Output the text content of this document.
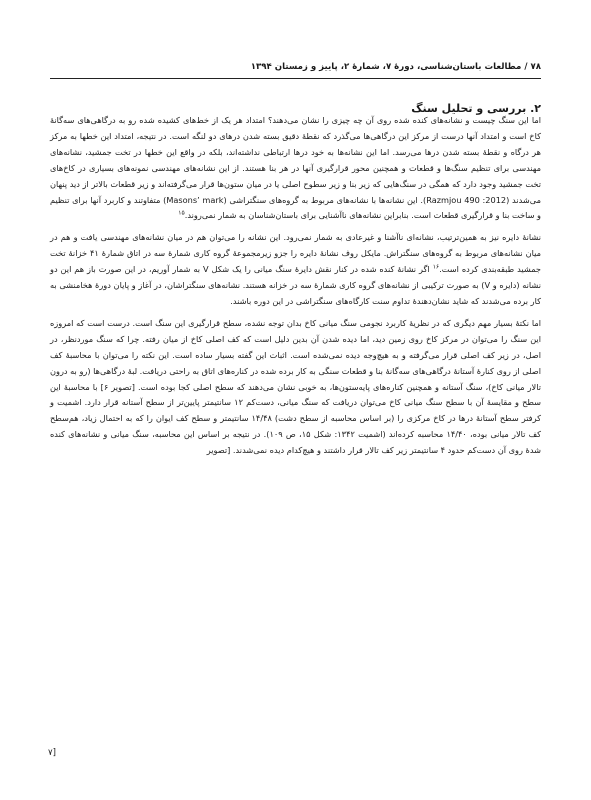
۷۸ / مطالعات باستان‌شناسی، دورهٔ ۷، شمارهٔ ۲، پاییز و زمستان ۱۳۹۴
۲. بررسی و تحلیل سنگ

اما این سنگ چیست و نشانه‌های کنده شده روی آن چه چیزی را نشان می‌دهند؟ امتداد هر یک از خط‌های کشیده شده رو به درگاهی‌های سه‌گانهٔ کاخ است و امتداد آنها درست از مرکز این درگاهی‌ها می‌گذرد که نقطهٔ دقیق بسته شدن درهای دو لنگه است. در نتیجه، امتداد این خطها به مرکز هر درگاه و نقطهٔ بسته شدن درها می‌رسد. اما این نشانه‌ها به خود درها ارتباطی نداشته‌اند، بلکه در واقع این خطها در تخت جمشید، نشانه‌های مهندسی برای تنظیم سنگ‌ها و قطعات و همچنین محور قرارگیری آنها در هر بنا هستند. از این نشانه‌های مهندسی نمونه‌های بسیاری در کاخ‌های تخت جمشید وجود دارد که همگی در سنگ‌هایی که زیر بنا و زیر سطوح اصلی یا در میان ستون‌ها قرار می‌گرفته‌اند و زیر قطعات بالاتر از دید پنهان می‌شدند (Razmjou 490 :2012). این نشانه‌ها با نشانه‌های مربوط به گروه‌های سنگتراشی (Masons’ mark) متفاوتند و کاربرد آنها برای تنظیم و ساخت بنا و قرارگیری قطعات است. بنابراین نشانه‌های ناآشنایی برای باستان‌شناسان به شمار نمی‌روند.$^{۱۵}$

نشانهٔ دایره نیز به همین‌ترتیب، نشانه‌ای ناآشنا و غیرعادی به شمار نمی‌رود. این نشانه را می‌توان هم در میان نشانه‌های مهندسی یافت و هم در میان نشانه‌های مربوط به گروه‌های سنگتراش. مایکل روف نشانهٔ دایره را جزو زیرمجموعهٔ گروه کاری شمارهٔ سه در اتاق شمارهٔ ۴۱ خزانهٔ تخت جمشید طبقه‌بندی کرده است.$^{۱۶}$ اگر نشانهٔ کنده شده در کنار نقش دایرهٔ سنگ میانی را یک شکل V به شمار آوریم، در این صورت باز هم این دو نشانه (دایره و V) به صورت ترکیبی از نشانه‌های گروه کاری شمارهٔ سه در خزانه هستند. نشانه‌های سنگتراشان، در آغاز و پایان دورهٔ هخامنشی به کار برده می‌شدند که شاید نشان‌دهندهٔ تداوم سنت کارگاه‌های سنگتراشی در این دوره باشند.

اما نکتهٔ بسیار مهم دیگری که در نظریهٔ کاربرد نجومی سنگ میانی کاخ بدان توجه نشده، سطح قرارگیری این سنگ است. درست است که امروزه این سنگ را می‌توان در مرکز کاخ روی زمین دید، اما دیده شدن آن بدین دلیل است که کف اصلی کاخ از میان رفته. چرا که سنگ موردنظر، در اصل، در زیر کف اصلی قرار می‌گرفته و به هیچ‌وجه دیده نمی‌شده است. اثبات این گفته بسیار ساده است. این نکته را می‌توان با محاسبهٔ کف اصلی از روی کنارهٔ آستانهٔ درگاهی‌های سه‌گانهٔ بنا و قطعات سنگی به کار برده شده در کناره‌های اتاق به راحتی دریافت. لبهٔ درگاهی‌ها (رو به درون تالار میانی کاخ)، سنگ آستانه و همچنین کناره‌های پایه‌ستون‌ها، به خوبی نشان می‌دهند که سطح اصلی کجا بوده است. [تصویر ۶] با محاسبهٔ این سطح و مقایسهٔ آن با سطح سنگ میانی کاخ می‌توان دریافت که سنگ میانی، دست‌کم ۱۲ سانتیمتر پایین‌تر از سطح آستانه قرار دارد. اشمیت و کرفتر سطح آستانهٔ درها در کاخ مرکزی را (بر اساس محاسبه از سطح دشت) ۱۴/۴۸ سانتیمتر و سطح کف ایوان را که به احتمال زیاد، هم‌سطح کف تالار میانی بوده، ۱۴/۴۰ محاسبه کرده‌اند (اشمیت ۱۳۴۲: شکل ۱۵، ص ۱۰۹). در نتیجه بر اساس این محاسبه، سنگ میانی و نشانه‌های کنده شدهٔ روی آن دست‌کم حدود ۴ سانتیمتر زیر کف تالار قرار داشتند و هیچ‌کدام دیده نمی‌شدند. [تصویر

[۷
